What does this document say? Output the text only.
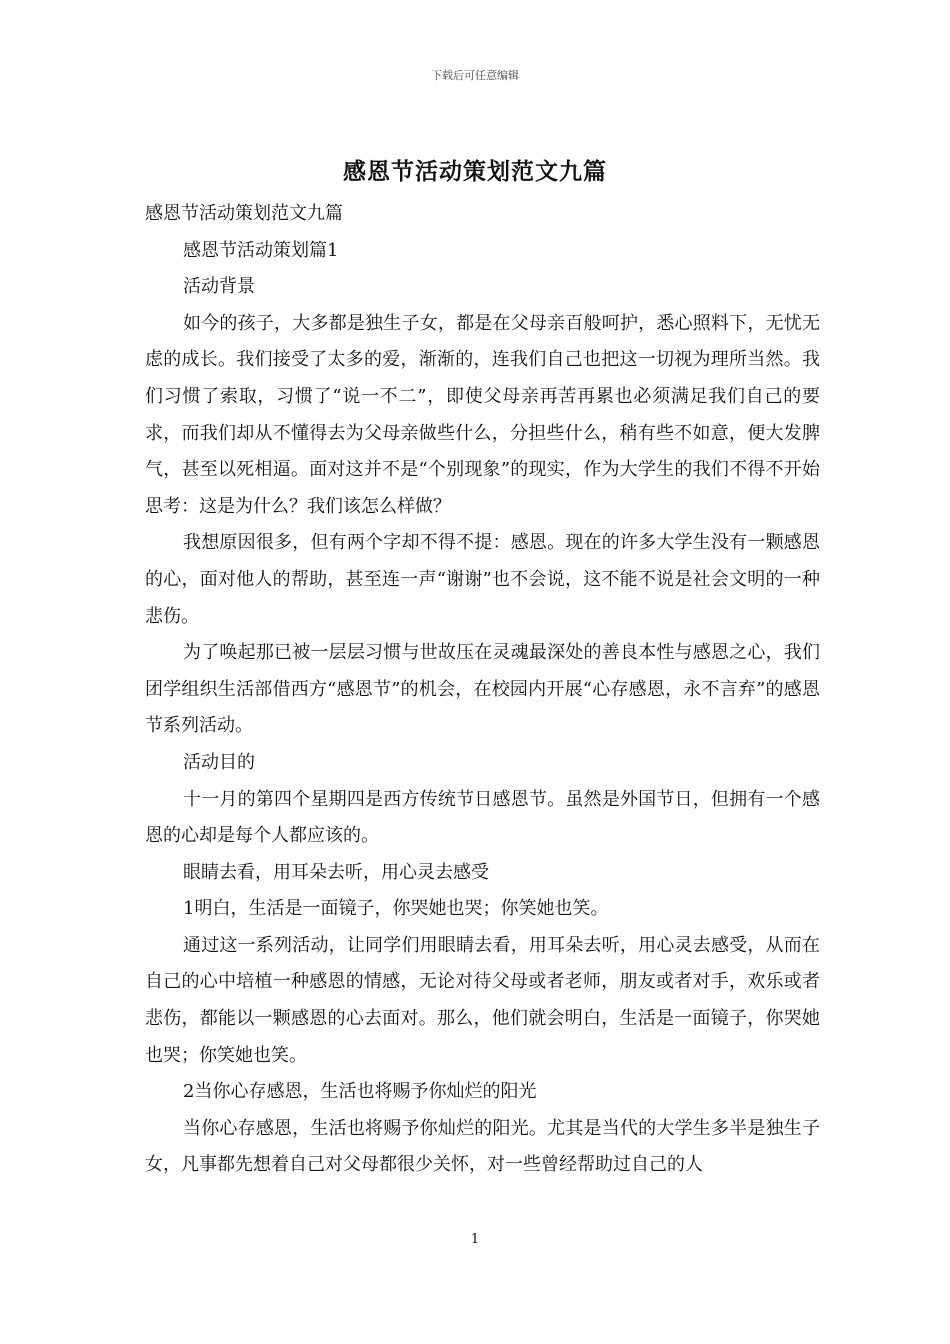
下载后可任意编辑
感恩节活动策划范文九篇

感恩节活动策划范文九篇

感恩节活动策划篇1

活动背景

如今的孩子，大多都是独生子女，都是在父母亲百般呵护，悉心照料下，无忧无虑的成长。我们接受了太多的爱，渐渐的，连我们自己也把这一切视为理所当然。我们习惯了索取，习惯了“说一不二”，即使父母亲再苦再累也必须满足我们自己的要求，而我们却从不懂得去为父母亲做些什么，分担些什么，稍有些不如意，便大发脾气，甚至以死相逼。面对这并不是“个别现象”的现实，作为大学生的我们不得不开始思考：这是为什么？我们该怎么样做？

我想原因很多，但有两个字却不得不提：感恩。现在的许多大学生没有一颗感恩的心，面对他人的帮助，甚至连一声“谢谢”也不会说，这不能不说是社会文明的一种悲伤。

为了唤起那已被一层层习惯与世故压在灵魂最深处的善良本性与感恩之心，我们团学组织生活部借西方“感恩节”的机会，在校园内开展“心存感恩，永不言弃”的感恩节系列活动。

活动目的

十一月的第四个星期四是西方传统节日感恩节。虽然是外国节日，但拥有一个感恩的心却是每个人都应该的。

眼睛去看，用耳朵去听，用心灵去感受

1明白，生活是一面镜子，你哭她也哭；你笑她也笑。

通过这一系列活动，让同学们用眼睛去看，用耳朵去听，用心灵去感受，从而在自己的心中培植一种感恩的情感，无论对待父母或者老师，朋友或者对手，欢乐或者悲伤，都能以一颗感恩的心去面对。那么，他们就会明白，生活是一面镜子，你哭她也哭；你笑她也笑。

2当你心存感恩，生活也将赐予你灿烂的阳光

当你心存感恩，生活也将赐予你灿烂的阳光。尤其是当代的大学生多半是独生子女，凡事都先想着自己对父母都很少关怀，对一些曾经帮助过自己的人

1
